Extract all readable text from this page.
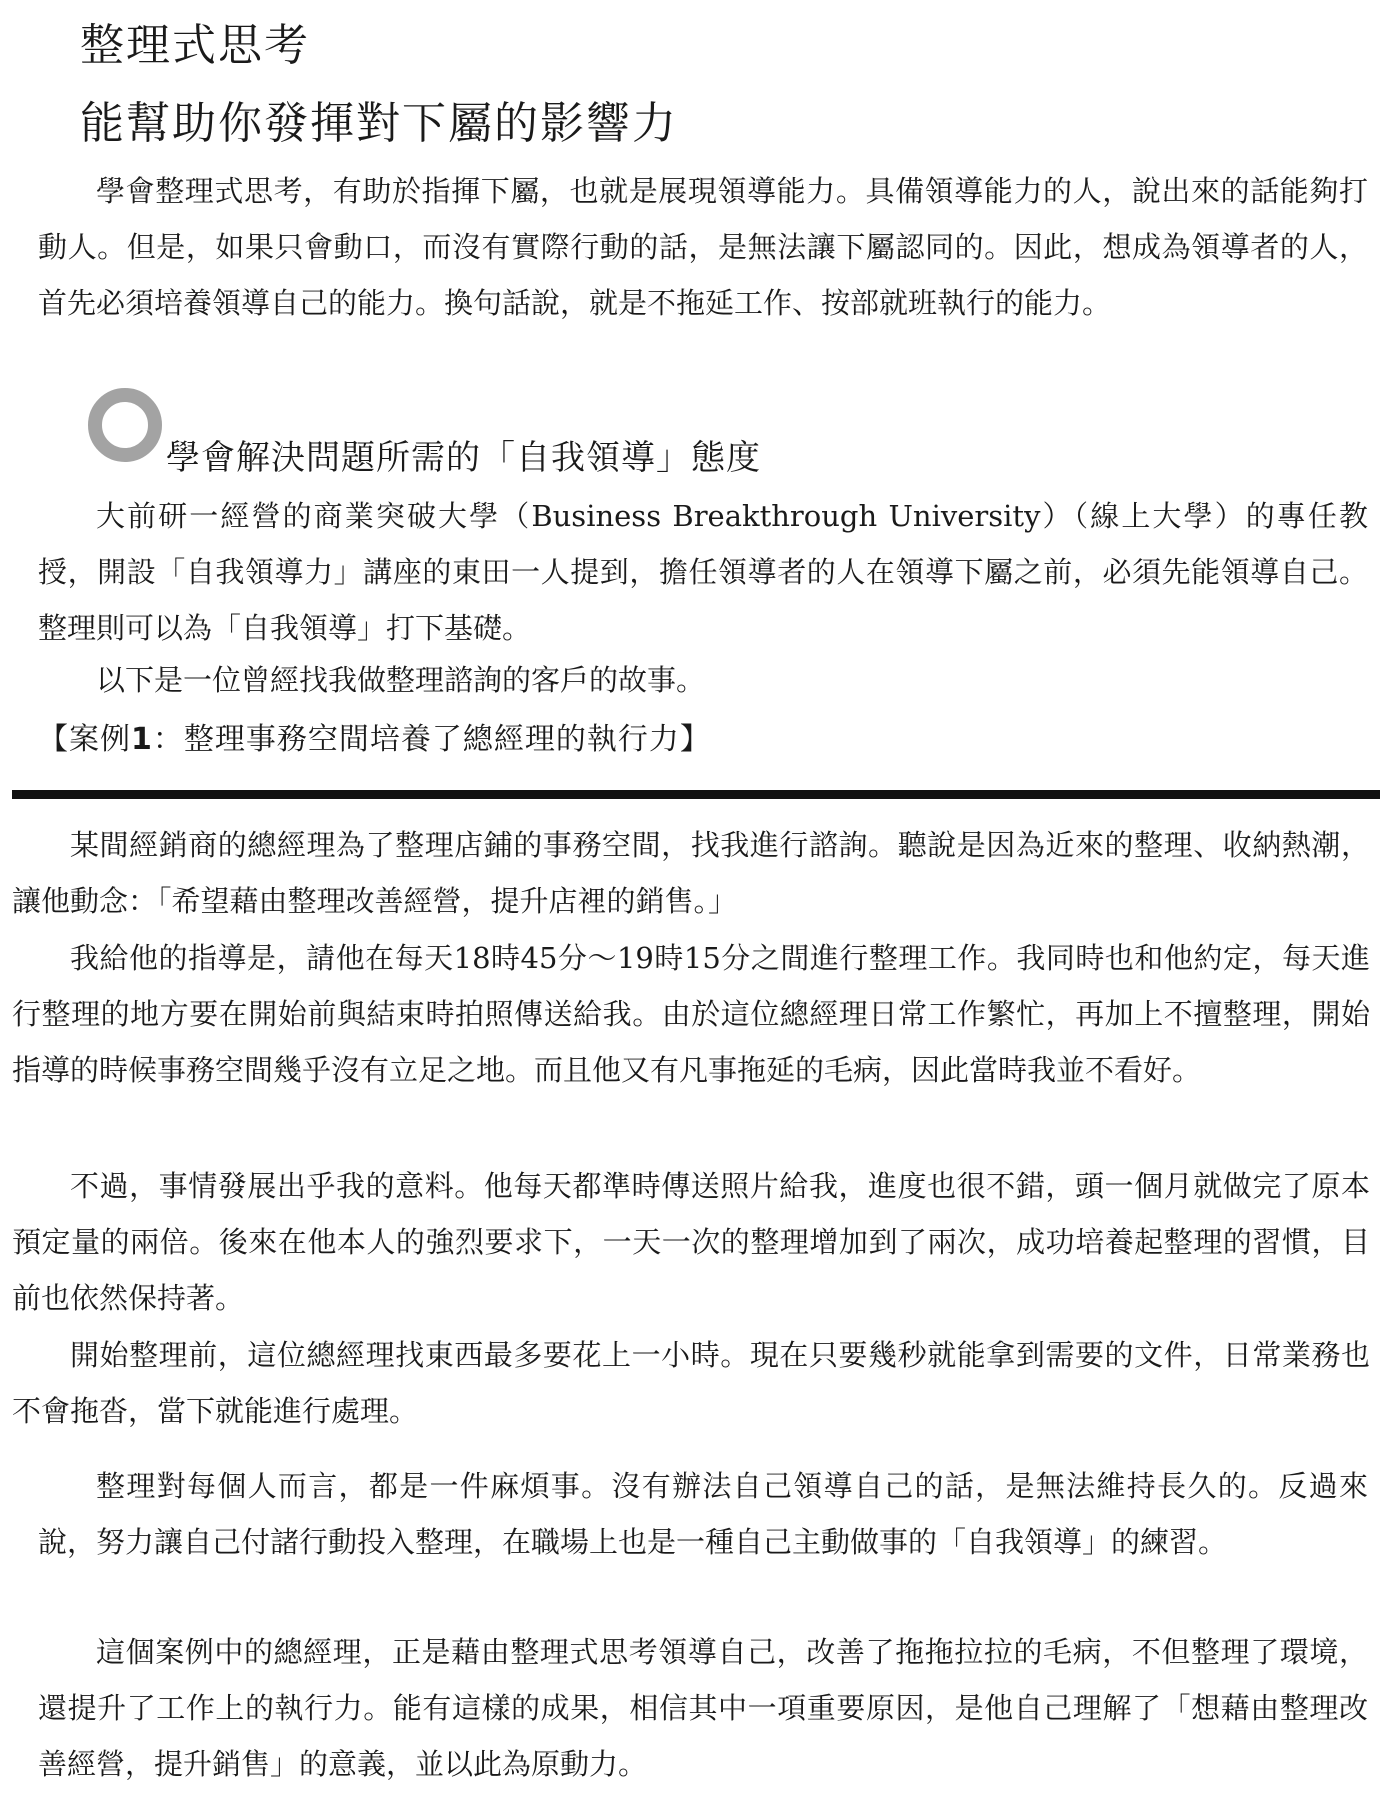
整理式思考
能幫助你發揮對下屬的影響力

學會整理式思考，有助於指揮下屬，也就是展現領導能力。具備領導能力的人，說出來的話能夠打動人。但是，如果只會動口，而沒有實際行動的話，是無法讓下屬認同的。因此，想成為領導者的人，首先必須培養領導自己的能力。換句話說，就是不拖延工作、按部就班執行的能力。

學會解決問題所需的「自我領導」態度

大前研一經營的商業突破大學（Business Breakthrough University）（線上大學）的專任教授，開設「自我領導力」講座的東田一人提到，擔任領導者的人在領導下屬之前，必須先能領導自己。整理則可以為「自我領導」打下基礎。

以下是一位曾經找我做整理諮詢的客戶的故事。

【案例1：整理事務空間培養了總經理的執行力】

某間經銷商的總經理為了整理店鋪的事務空間，找我進行諮詢。聽說是因為近來的整理、收納熱潮，讓他動念：「希望藉由整理改善經營，提升店裡的銷售。」

我給他的指導是，請他在每天18時45分～19時15分之間進行整理工作。我同時也和他約定，每天進行整理的地方要在開始前與結束時拍照傳送給我。由於這位總經理日常工作繁忙，再加上不擅整理，開始指導的時候事務空間幾乎沒有立足之地。而且他又有凡事拖延的毛病，因此當時我並不看好。

不過，事情發展出乎我的意料。他每天都準時傳送照片給我，進度也很不錯，頭一個月就做完了原本預定量的兩倍。後來在他本人的強烈要求下，一天一次的整理增加到了兩次，成功培養起整理的習慣，目前也依然保持著。

開始整理前，這位總經理找東西最多要花上一小時。現在只要幾秒就能拿到需要的文件，日常業務也不會拖沓，當下就能進行處理。

整理對每個人而言，都是一件麻煩事。沒有辦法自己領導自己的話，是無法維持長久的。反過來說，努力讓自己付諸行動投入整理，在職場上也是一種自己主動做事的「自我領導」的練習。

這個案例中的總經理，正是藉由整理式思考領導自己，改善了拖拖拉拉的毛病，不但整理了環境，還提升了工作上的執行力。能有這樣的成果，相信其中一項重要原因，是他自己理解了「想藉由整理改善經營，提升銷售」的意義，並以此為原動力。
